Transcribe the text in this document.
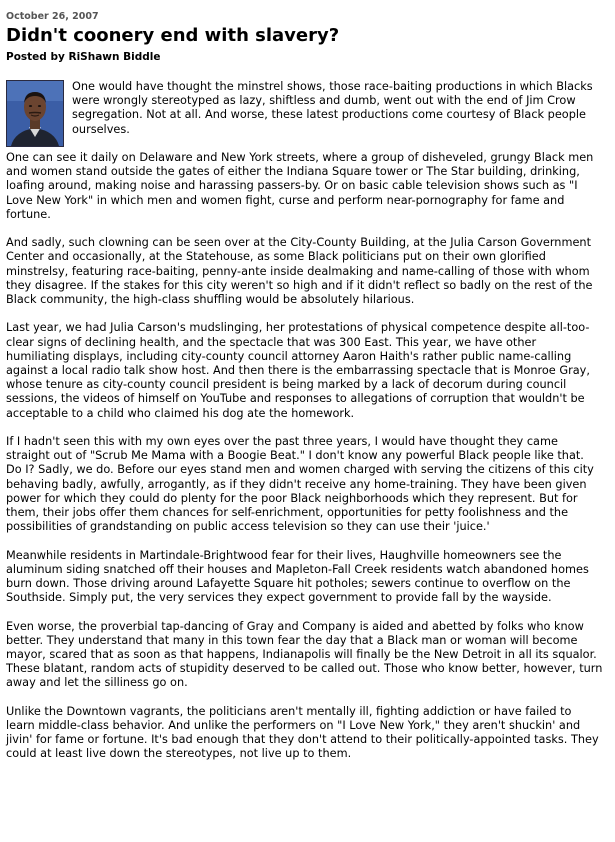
October 26, 2007
Didn't coonery end with slavery?
Posted by RiShawn Biddle

One would have thought the minstrel shows, those race-baiting productions in which Blacks were wrongly stereotyped as lazy, shiftless and dumb, went out with the end of Jim Crow segregation. Not at all. And worse, these latest productions come courtesy of Black people ourselves.

One can see it daily on Delaware and New York streets, where a group of disheveled, grungy Black men and women stand outside the gates of either the Indiana Square tower or The Star building, drinking, loafing around, making noise and harassing passers-by. Or on basic cable television shows such as "I Love New York" in which men and women fight, curse and perform near-pornography for fame and fortune.

And sadly, such clowning can be seen over at the City-County Building, at the Julia Carson Government Center and occasionally, at the Statehouse, as some Black politicians put on their own glorified minstrelsy, featuring race-baiting, penny-ante inside dealmaking and name-calling of those with whom they disagree. If the stakes for this city weren't so high and if it didn't reflect so badly on the rest of the Black community, the high-class shuffling would be absolutely hilarious.

Last year, we had Julia Carson's mudslinging, her protestations of physical competence despite all-too-clear signs of declining health, and the spectacle that was 300 East. This year, we have other humiliating displays, including city-county council attorney Aaron Haith's rather public name-calling against a local radio talk show host. And then there is the embarrassing spectacle that is Monroe Gray, whose tenure as city-county council president is being marked by a lack of decorum during council sessions, the videos of himself on YouTube and responses to allegations of corruption that wouldn't be acceptable to a child who claimed his dog ate the homework.

If I hadn't seen this with my own eyes over the past three years, I would have thought they came straight out of "Scrub Me Mama with a Boogie Beat." I don't know any powerful Black people like that. Do I? Sadly, we do. Before our eyes stand men and women charged with serving the citizens of this city behaving badly, awfully, arrogantly, as if they didn't receive any home-training. They have been given power for which they could do plenty for the poor Black neighborhoods which they represent. But for them, their jobs offer them chances for self-enrichment, opportunities for petty foolishness and the possibilities of grandstanding on public access television so they can use their 'juice.'

Meanwhile residents in Martindale-Brightwood fear for their lives, Haughville homeowners see the aluminum siding snatched off their houses and Mapleton-Fall Creek residents watch abandoned homes burn down. Those driving around Lafayette Square hit potholes; sewers continue to overflow on the Southside. Simply put, the very services they expect government to provide fall by the wayside.

Even worse, the proverbial tap-dancing of Gray and Company is aided and abetted by folks who know better. They understand that many in this town fear the day that a Black man or woman will become mayor, scared that as soon as that happens, Indianapolis will finally be the New Detroit in all its squalor. These blatant, random acts of stupidity deserved to be called out. Those who know better, however, turn away and let the silliness go on.

Unlike the Downtown vagrants, the politicians aren't mentally ill, fighting addiction or have failed to learn middle-class behavior. And unlike the performers on "I Love New York," they aren't shuckin' and jivin' for fame or fortune. It's bad enough that they don't attend to their politically-appointed tasks. They could at least live down the stereotypes, not live up to them.
